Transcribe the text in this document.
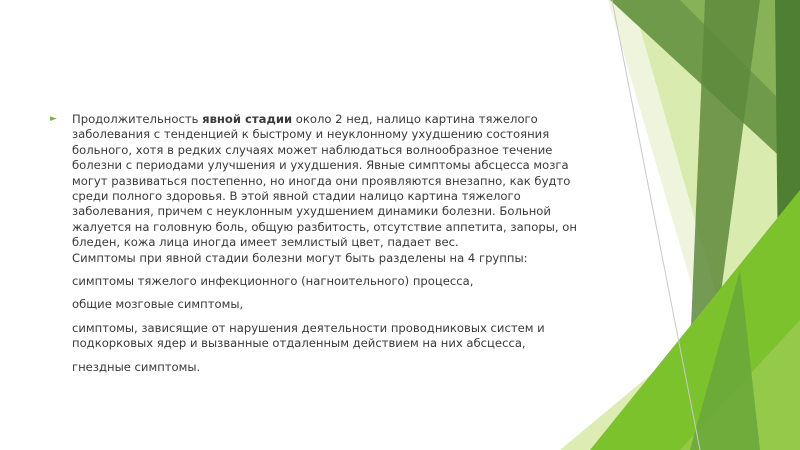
►	Продолжительность явной стадии около 2 нед, налицо картина тяжелого заболевания с тенденцией к быстрому и неуклонному ухудшению состояния больного, хотя в редких случаях может наблюдаться волнообразное течение болезни с периодами улучшения и ухудшения. Явные симптомы абсцесса мозга могут развиваться постепенно, но иногда они проявляются внезапно, как будто среди полного здоровья. В этой явной стадии налицо картина тяжелого заболевания, причем с неуклонным ухудшением динамики болезни. Больной жалуется на головную боль, общую разбитость, отсутствие аппетита, запоры, он бледен, кожа лица иногда имеет землистый цвет, падает вес.
Симптомы при явной стадии болезни могут быть разделены на 4 группы:
симптомы тяжелого инфекционного (нагноительного) процесса,
общие мозговые симптомы,
симптомы, зависящие от нарушения деятельности проводниковых систем и подкорковых ядер и вызванные отдаленным действием на них абсцесса,
гнездные симптомы.
